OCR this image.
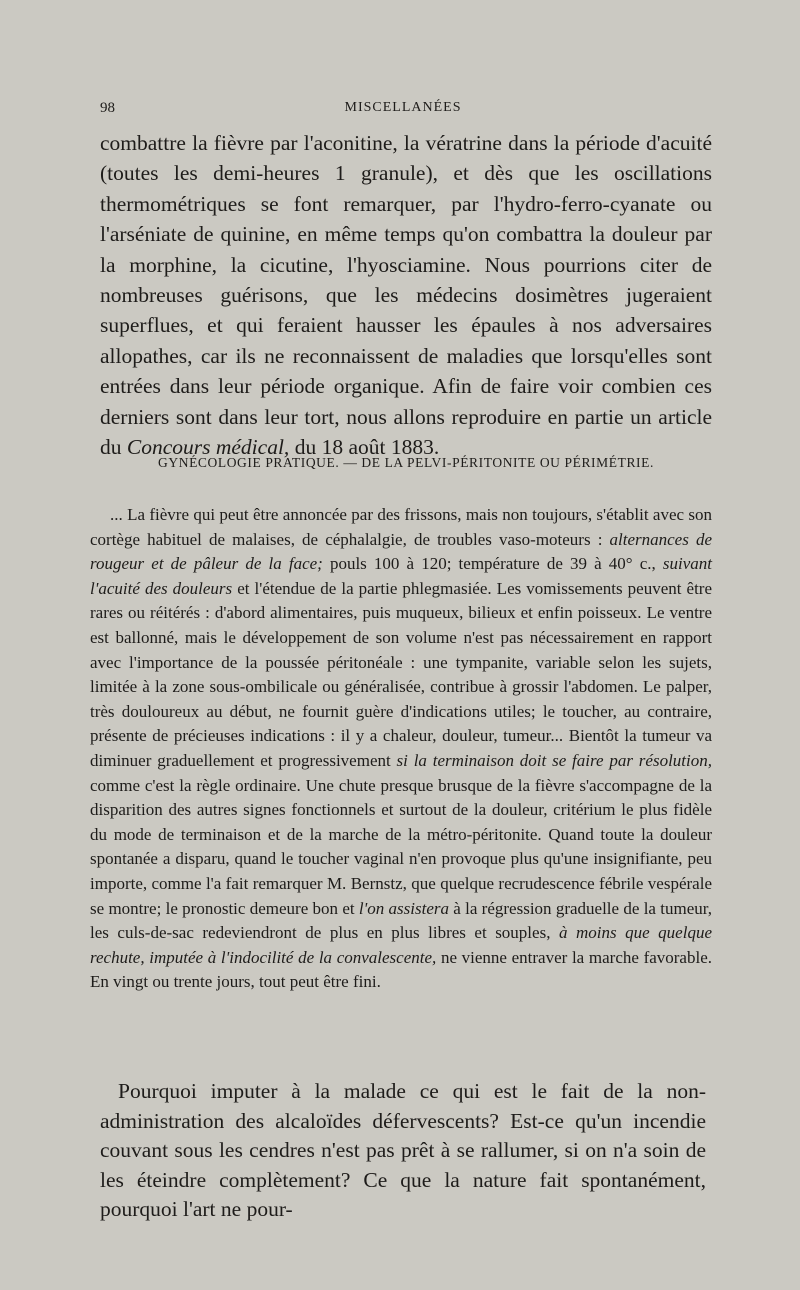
98	MISCELLANÉES

combattre la fièvre par l'aconitine, la vératrine dans la période d'acuité (toutes les demi-heures 1 granule), et dès que les oscillations thermométriques se font remarquer, par l'hydro-ferro-cyanate ou l'arséniate de quinine, en même temps qu'on combattra la douleur par la morphine, la cicutine, l'hyosciamine. Nous pourrions citer de nombreuses guérisons, que les médecins dosimètres jugeraient superflues, et qui feraient hausser les épaules à nos adversaires allopathes, car ils ne reconnaissent de maladies que lorsqu'elles sont entrées dans leur période organique. Afin de faire voir combien ces derniers sont dans leur tort, nous allons reproduire en partie un article du Concours médical, du 18 août 1883.

GYNÉCOLOGIE PRATIQUE. — DE LA PELVI-PÉRITONITE OU PÉRIMÉTRIE.

... La fièvre qui peut être annoncée par des frissons, mais non toujours, s'établit avec son cortège habituel de malaises, de céphalalgie, de troubles vaso-moteurs : alternances de rougeur et de pâleur de la face; pouls 100 à 120; température de 39 à 40° c., suivant l'acuité des douleurs et l'étendue de la partie phlegmasiée. Les vomissements peuvent être rares ou réitérés : d'abord alimentaires, puis muqueux, bilieux et enfin poisseux. Le ventre est ballonné, mais le développement de son volume n'est pas nécessairement en rapport avec l'importance de la poussée péritonéale : une tympanite, variable selon les sujets, limitée à la zone sous-ombilicale ou généralisée, contribue à grossir l'abdomen. Le palper, très douloureux au début, ne fournit guère d'indications utiles; le toucher, au contraire, présente de précieuses indications : il y a chaleur, douleur, tumeur... Bientôt la tumeur va diminuer graduellement et progressivement si la terminaison doit se faire par résolution, comme c'est la règle ordinaire. Une chute presque brusque de la fièvre s'accompagne de la disparition des autres signes fonctionnels et surtout de la douleur, critérium le plus fidèle du mode de terminaison et de la marche de la métro-péritonite. Quand toute la douleur spontanée a disparu, quand le toucher vaginal n'en provoque plus qu'une insignifiante, peu importe, comme l'a fait remarquer M. Bernstz, que quelque recrudescence fébrile vespérale se montre; le pronostic demeure bon et l'on assistera à la régression graduelle de la tumeur, les culs-de-sac redeviendront de plus en plus libres et souples, à moins que quelque rechute, imputée à l'indocilité de la convalescente, ne vienne entraver la marche favorable. En vingt ou trente jours, tout peut être fini.

Pourquoi imputer à la malade ce qui est le fait de la non-administration des alcaloïdes défervescents? Est-ce qu'un incendie couvant sous les cendres n'est pas prêt à se rallumer, si on n'a soin de les éteindre complètement? Ce que la nature fait spontanément, pourquoi l'art ne pour-
